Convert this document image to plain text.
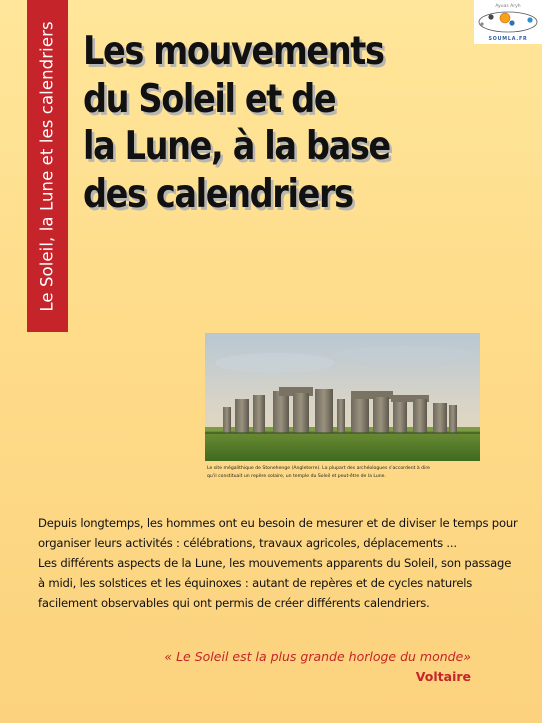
Le Soleil, la Lune et les calendriers
Ayuas Aryh
SOUMLA.FR
Les mouvements
du Soleil et de
la Lune, à la base
des calendriers
Le site mégalithique de Stonehenge (Angleterre). La plupart des archéologues s'accordent à dire
qu'il constituait un repère solaire, un temple du Soleil et peut-être de la Lune.

Depuis longtemps, les hommes ont eu besoin de mesurer et de diviser le temps pour organiser leurs activités : célébrations, travaux agricoles, déplacements ...

Les différents aspects de la Lune, les mouvements apparents du Soleil, son passage à midi, les solstices et les équinoxes : autant de repères et de cycles naturels facilement observables qui ont permis de créer différents calendriers.

« Le Soleil est la plus grande horloge du monde»
Voltaire
